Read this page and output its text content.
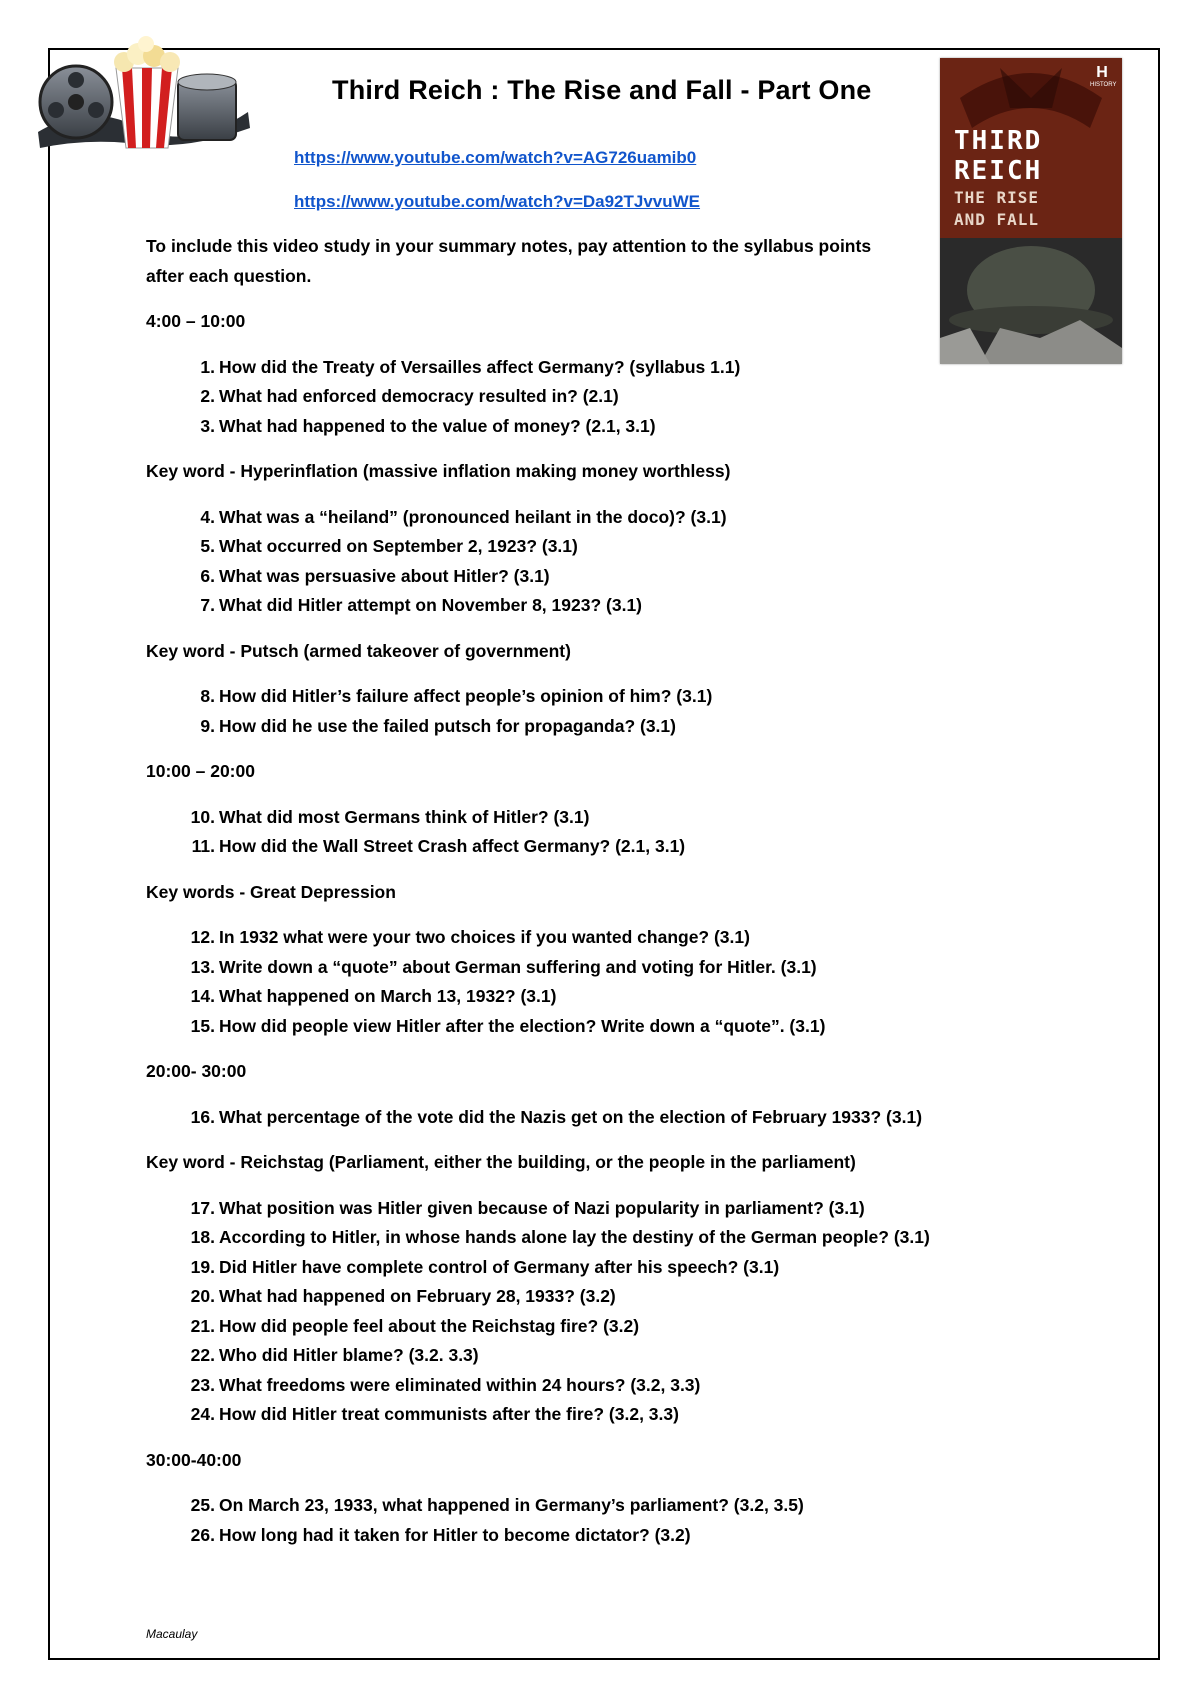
THIRD
REICH
THE RISE
AND FALL
H
HISTORY
Third Reich : The Rise and Fall - Part One
https://www.youtube.com/watch?v=AG726uamib0
https://www.youtube.com/watch?v=Da92TJvvuWE

To include this video study in your summary notes, pay attention to the syllabus points after each question.

4:00 – 10:00

1. How did the Treaty of Versailles affect Germany? (syllabus 1.1)
2. What had enforced democracy resulted in? (2.1)
3. What had happened to the value of money? (2.1, 3.1)

Key word - Hyperinflation (massive inflation making money worthless)

4. What was a “heiland” (pronounced heilant in the doco)? (3.1)
5. What occurred on September 2, 1923? (3.1)
6. What was persuasive about Hitler? (3.1)
7. What did Hitler attempt on November 8, 1923? (3.1)

Key word - Putsch (armed takeover of government)

8. How did Hitler’s failure affect people’s opinion of him? (3.1)
9. How did he use the failed putsch for propaganda? (3.1)

10:00 – 20:00

10. What did most Germans think of Hitler? (3.1)
11. How did the Wall Street Crash affect Germany? (2.1, 3.1)

Key words - Great Depression

12. In 1932 what were your two choices if you wanted change? (3.1)
13. Write down a “quote” about German suffering and voting for Hitler. (3.1)
14. What happened on March 13, 1932? (3.1)
15. How did people view Hitler after the election? Write down a “quote”. (3.1)

20:00- 30:00

16. What percentage of the vote did the Nazis get on the election of February 1933? (3.1)

Key word - Reichstag (Parliament, either the building, or the people in the parliament)

17. What position was Hitler given because of Nazi popularity in parliament? (3.1)
18. According to Hitler, in whose hands alone lay the destiny of the German people? (3.1)
19. Did Hitler have complete control of Germany after his speech? (3.1)
20. What had happened on February 28, 1933? (3.2)
21. How did people feel about the Reichstag fire? (3.2)
22. Who did Hitler blame? (3.2. 3.3)
23. What freedoms were eliminated within 24 hours? (3.2, 3.3)
24. How did Hitler treat communists after the fire? (3.2, 3.3)

30:00-40:00

25. On March 23, 1933, what happened in Germany’s parliament? (3.2, 3.5)
26. How long had it taken for Hitler to become dictator? (3.2)
Macaulay
